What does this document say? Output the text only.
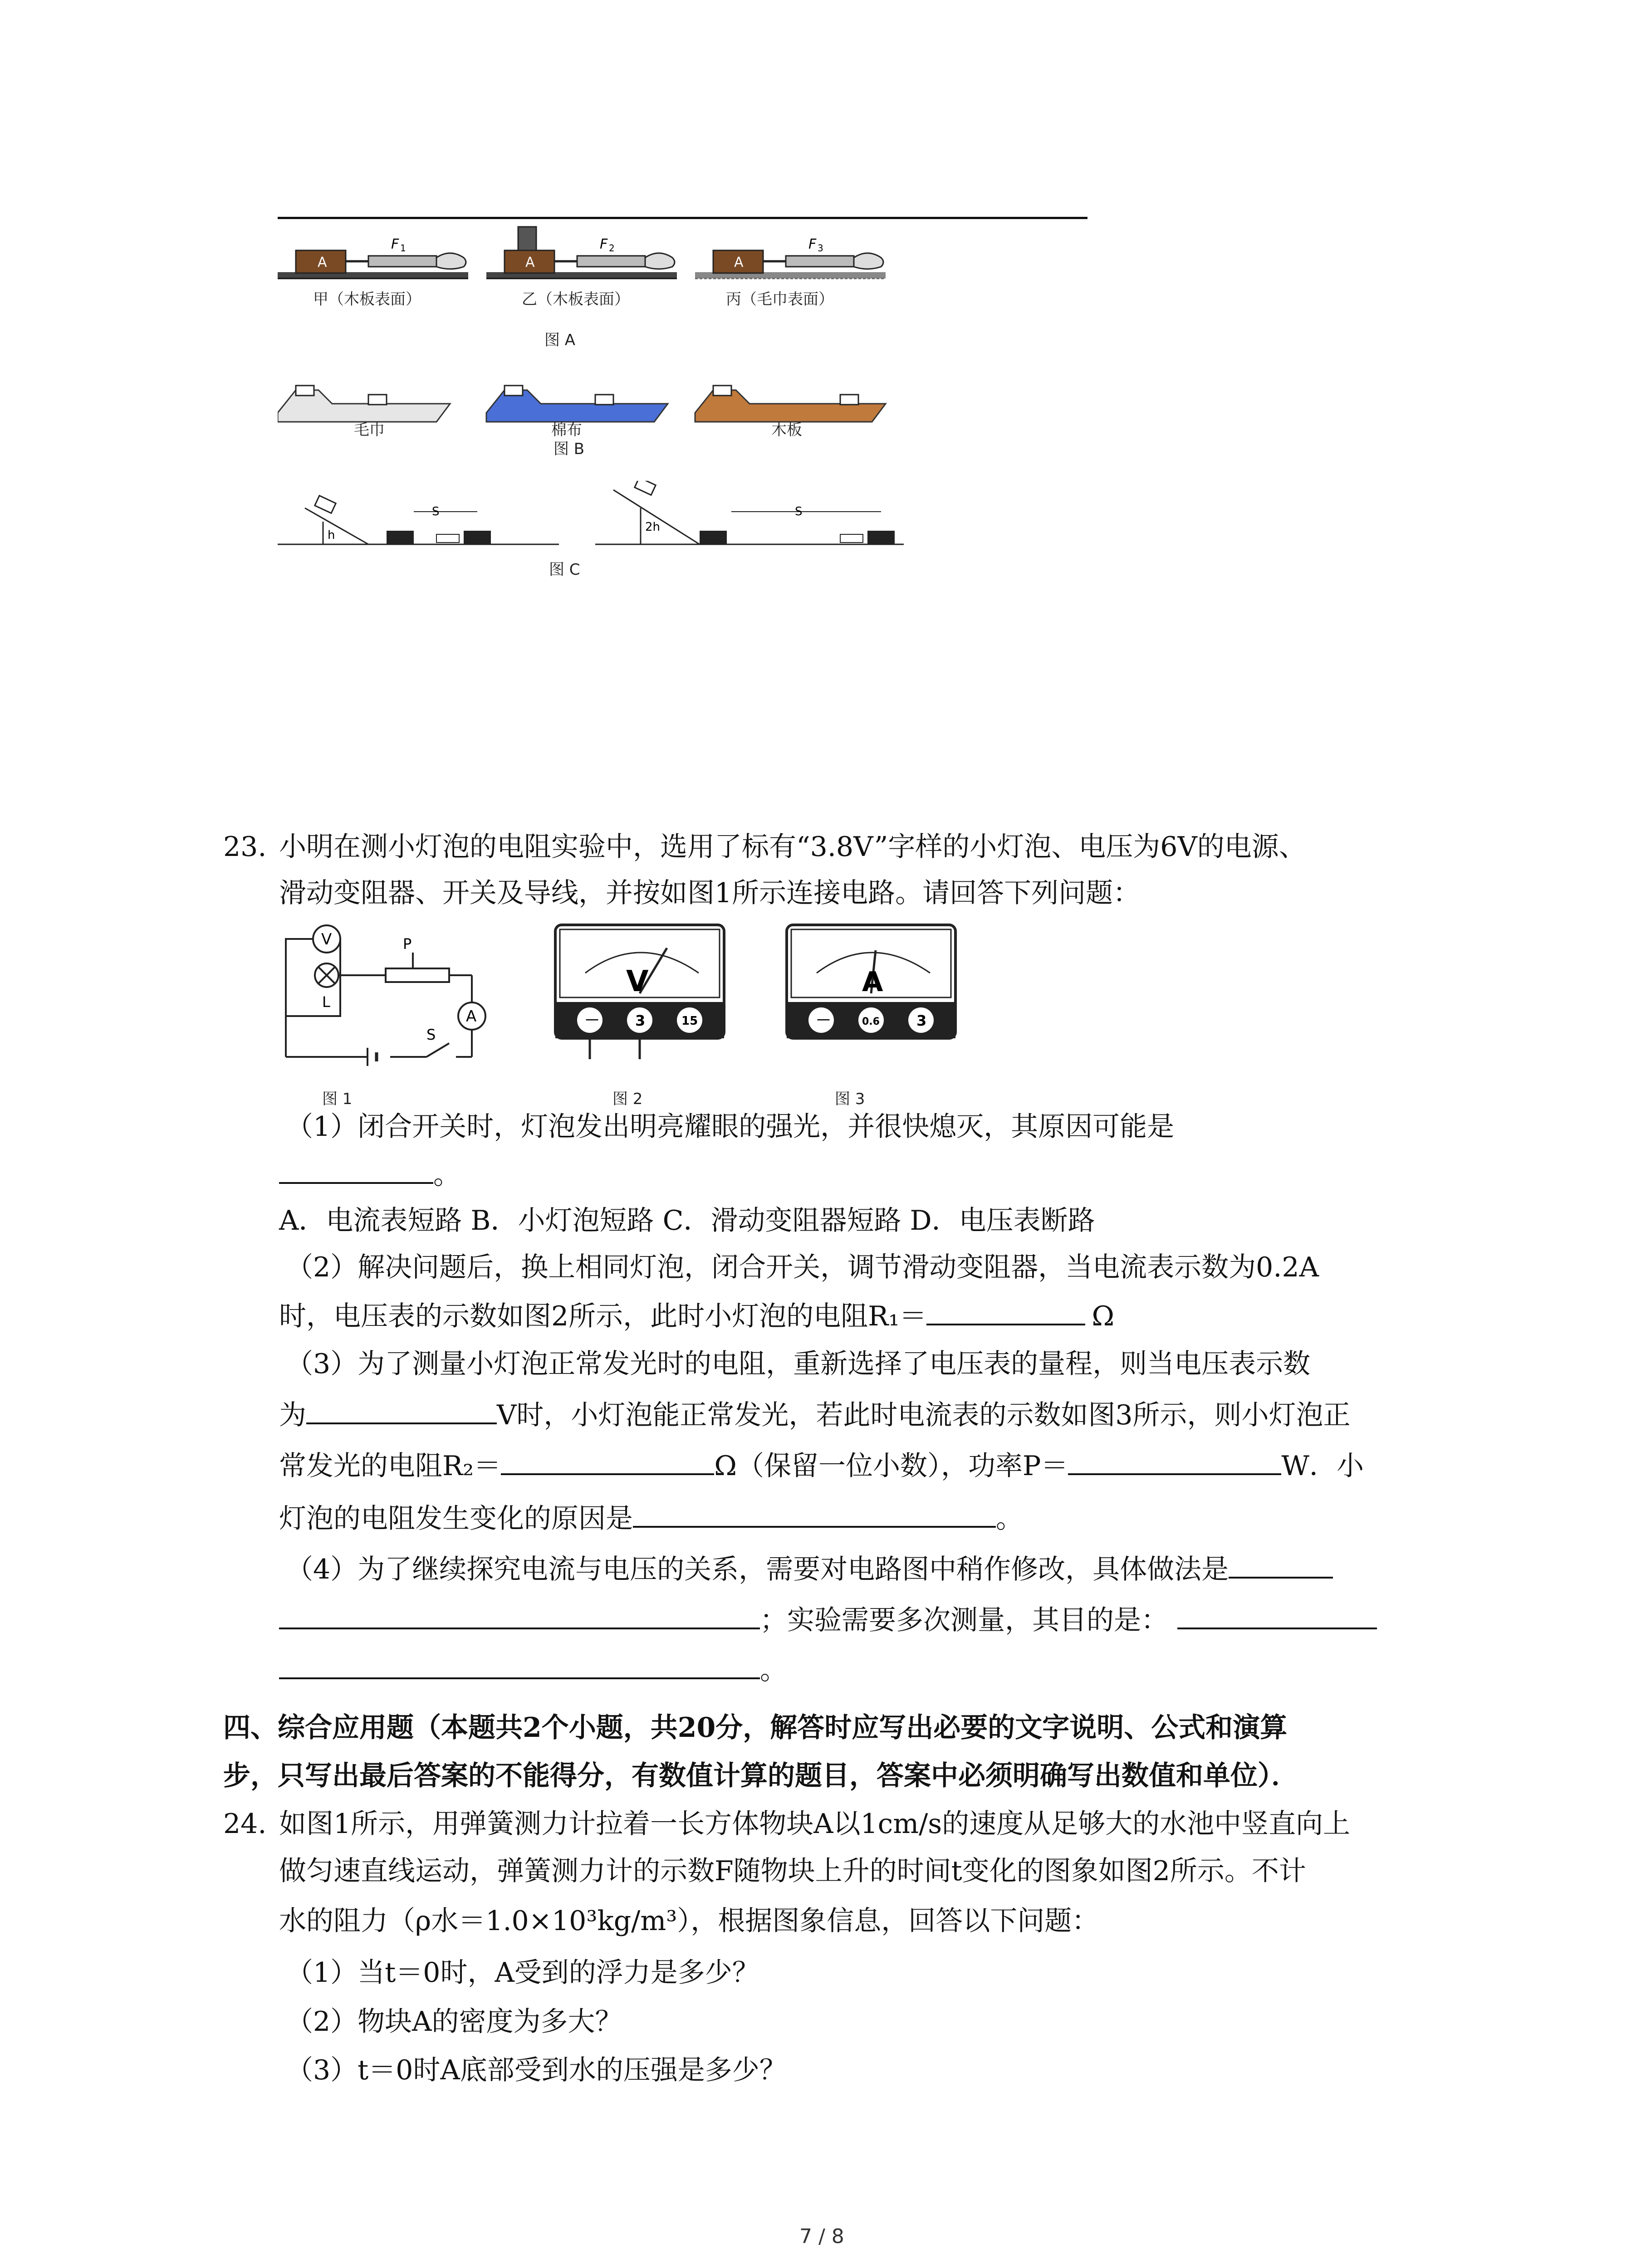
A
F 1
A
F 2
A
F 3
甲（木板表面）	乙（木板表面）	丙（毛巾表面）
图 A
毛巾	棉布	木板
图 B
h
S
2h
S
图 C
23. 小明在测小灯泡的电阻实验中，选用了标有“3.8V”字样的小灯泡、电压为6V的电源、
滑动变阻器、开关及导线，并按如图1所示连接电路。请回答下列问题：
V
L
P
S
A
图 1
V
－ 3	15
图 2
A
－	0.6	3
图 3
（1）闭合开关时，灯泡发出明亮耀眼的强光，并很快熄灭，其原因可能是
。
A．电流表短路 B．小灯泡短路 C．滑动变阻器短路 D．电压表断路
（2）解决问题后，换上相同灯泡，闭合开关，调节滑动变阻器，当电流表示数为0.2A
时，电压表的示数如图2所示，此时小灯泡的电阻R₁＝	Ω
（3）为了测量小灯泡正常发光时的电阻，重新选择了电压表的量程，则当电压表示数
为	V时，小灯泡能正常发光，若此时电流表的示数如图3所示，则小灯泡正
常发光的电阻R₂＝	Ω（保留一位小数），功率P＝	W．小
灯泡的电阻发生变化的原因是	。
（4）为了继续探究电流与电压的关系，需要对电路图中稍作修改，具体做法是
；实验需要多次测量，其目的是：
。
四、综合应用题（本题共2个小题，共20分，解答时应写出必要的文字说明、公式和演算
步，只写出最后答案的不能得分，有数值计算的题目，答案中必须明确写出数值和单位）．
24. 如图1所示，用弹簧测力计拉着一长方体物块A以1cm/s的速度从足够大的水池中竖直向上
做匀速直线运动，弹簧测力计的示数F随物块上升的时间t变化的图象如图2所示。不计
水的阻力（ρ水＝1.0×10³kg/m³），根据图象信息，回答以下问题：
（1）当t＝0时，A受到的浮力是多少？
（2）物块A的密度为多大？
（3）t＝0时A底部受到水的压强是多少？
7 / 8
